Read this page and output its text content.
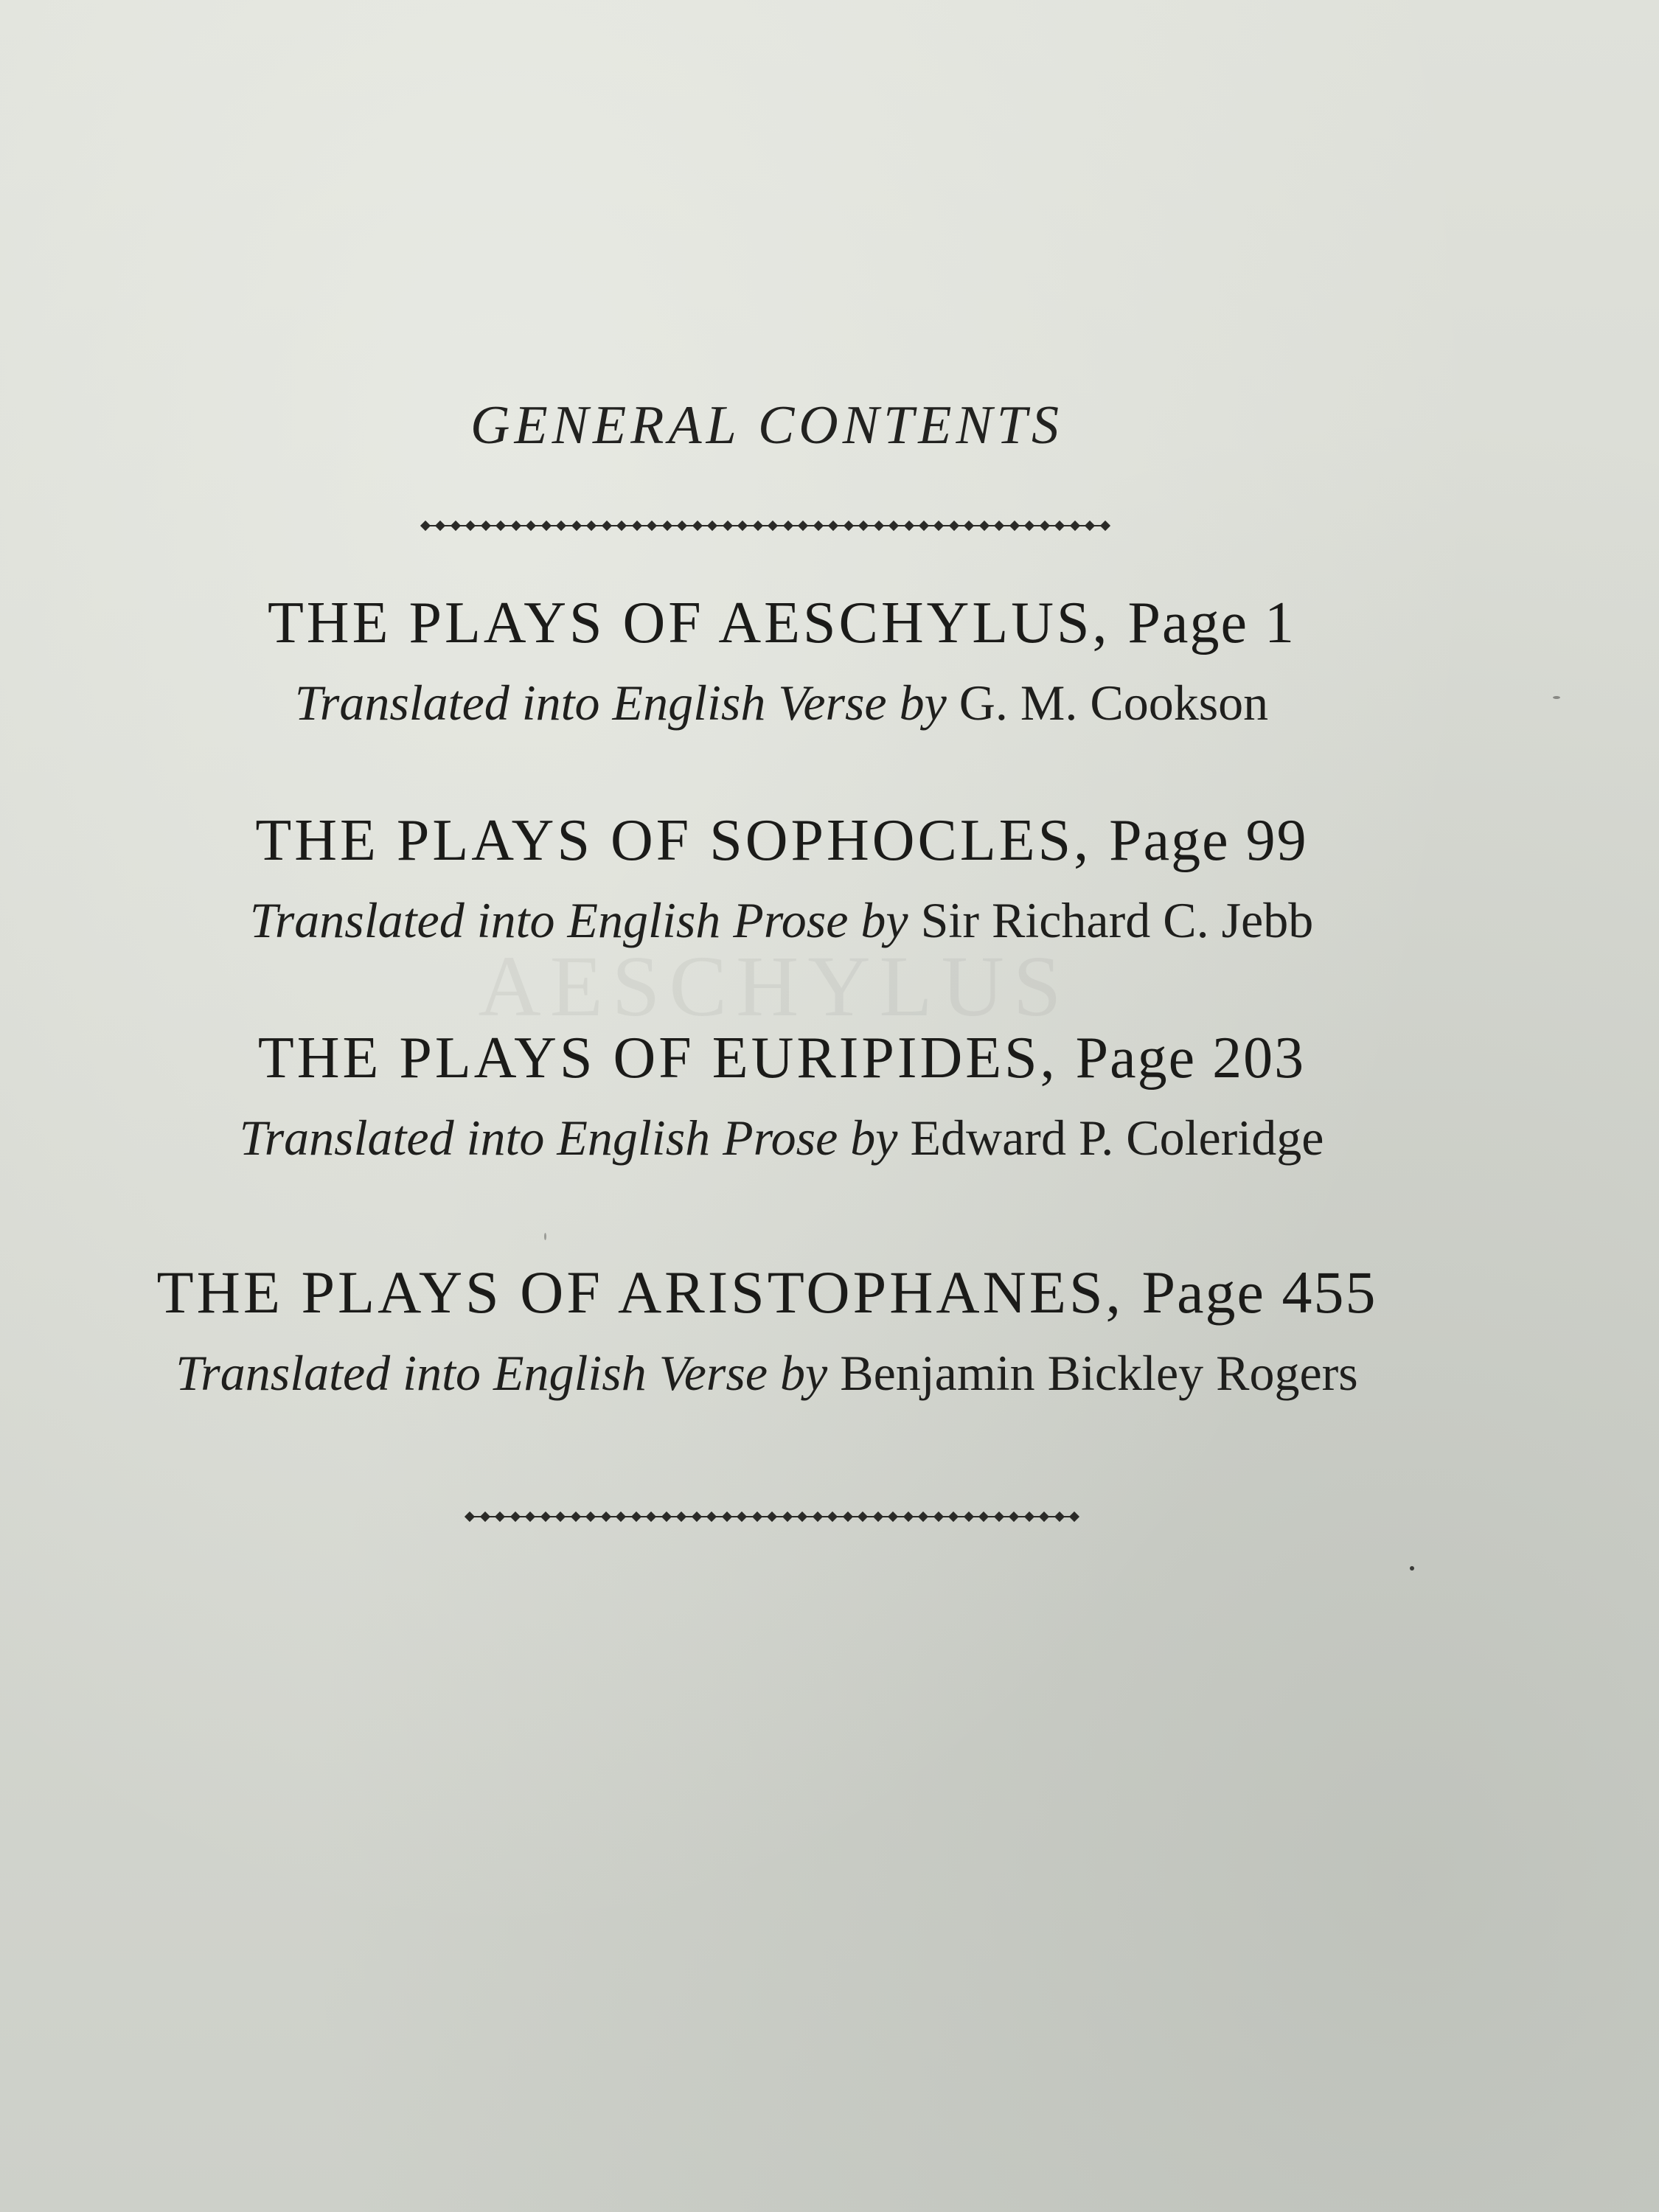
AESCHYLUS
GENERAL CONTENTS
THE PLAYS OF AESCHYLUS, Page 1
Translated into English Verse by G. M. Cookson
THE PLAYS OF SOPHOCLES, Page 99
Translated into English Prose by Sir Richard C. Jebb
THE PLAYS OF EURIPIDES, Page 203
Translated into English Prose by Edward P. Coleridge
THE PLAYS OF ARISTOPHANES, Page 455
Translated into English Verse by Benjamin Bickley Rogers
